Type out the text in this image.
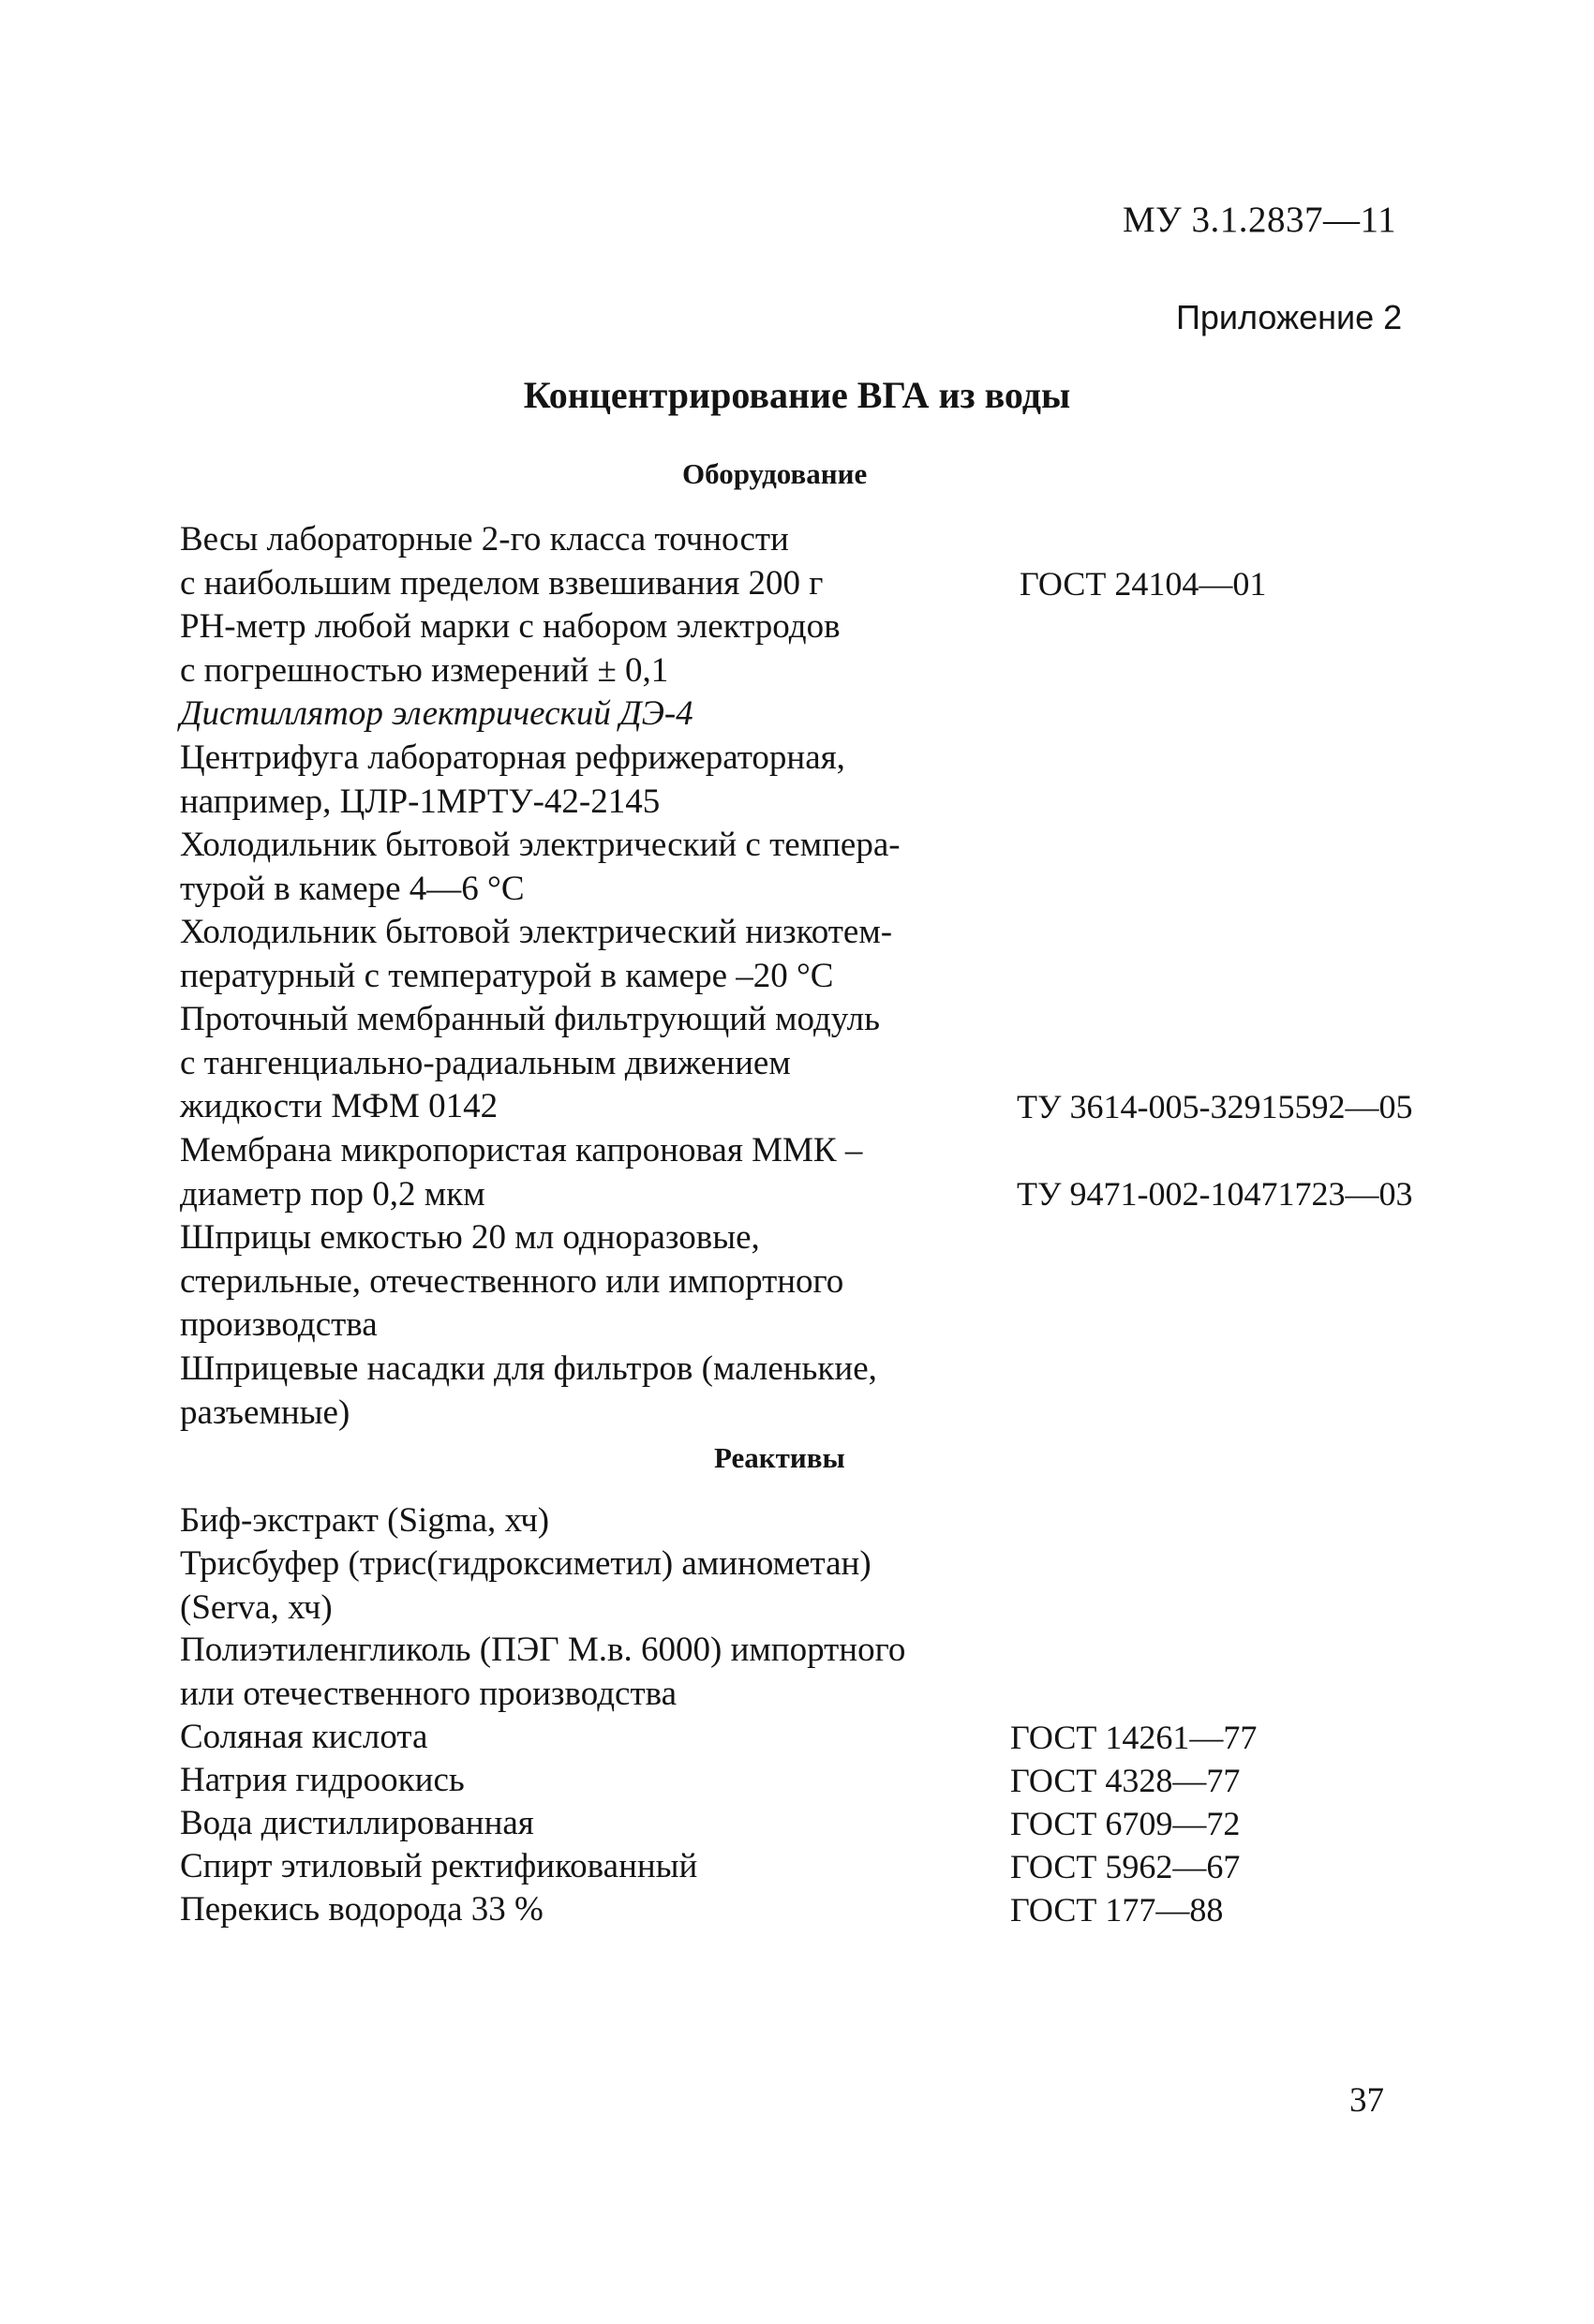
МУ 3.1.2837—11
Приложение 2
Концентрирование ВГА из воды
Оборудование
Весы лабораторные 2-го класса точности
с наибольшим пределом взвешивания 200 г	ГОСТ 24104—01
РН-метр любой марки с набором электродов
с погрешностью измерений ± 0,1
Дистиллятор электрический ДЭ-4
Центрифуга лабораторная рефрижераторная,
например, ЦЛР-1МРТУ-42-2145
Холодильник бытовой электрический с темпера-
турой в камере 4—6 °С
Холодильник бытовой электрический низкотем-
пературный с температурой в камере –20 °С
Проточный мембранный фильтрующий модуль
с тангенциально-радиальным движением
жидкости МФМ 0142	ТУ 3614-005-32915592—05
Мембрана микропористая капроновая ММК –
диаметр пор 0,2 мкм	ТУ 9471-002-10471723—03
Шприцы емкостью 20 мл одноразовые,
стерильные, отечественного или импортного
производства
Шприцевые насадки для фильтров (маленькие,
разъемные)
Реактивы
Биф-экстракт (Sigma, хч)
Трисбуфер (трис(гидроксиметил) аминометан)
(Serva, хч)
Полиэтиленгликоль (ПЭГ М.в. 6000) импортного
или отечественного производства
Соляная кислота	ГОСТ 14261—77
Натрия гидроокись	ГОСТ 4328—77
Вода дистиллированная	ГОСТ 6709—72
Спирт этиловый ректификованный	ГОСТ 5962—67
Перекись водорода 33 %	ГОСТ 177—88
37
